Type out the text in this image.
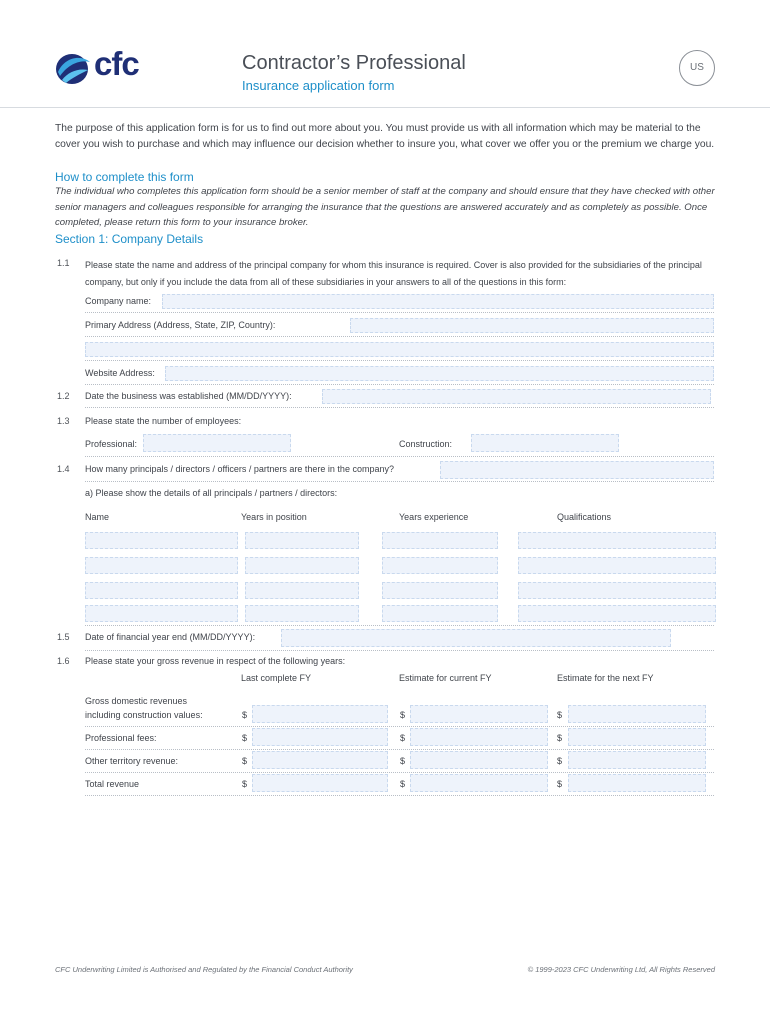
cfc	Contractor’s Professional
Insurance application form
US
The purpose of this application form is for us to find out more about you. You must provide us with all information which may be material to the cover you wish to purchase and which may influence our decision whether to insure you, what cover we offer you or the premium we charge you.
How to complete this form
The individual who completes this application form should be a senior member of staff at the company and should ensure that they have checked with other senior managers and colleagues responsible for arranging the insurance that the questions are answered accurately and as completely as possible. Once completed, please return this form to your insurance broker.
Section 1: Company Details
1.1 Please state the name and address of the principal company for whom this insurance is required. Cover is also provided for the subsidiaries of the principal company, but only if you include the data from all of these subsidiaries in your answers to all of the questions in this form:
Company name:
Primary Address (Address, State, ZIP, Country):
Website Address:
1.2 Date the business was established (MM/DD/YYYY):
1.3 Please state the number of employees:
Professional:	Construction:
1.4 How many principals / directors / officers / partners are there in the company?
a) Please show the details of all principals / partners / directors:
Name	Years in position	Years experience	Qualifications
1.5 Date of financial year end (MM/DD/YYYY):
1.6 Please state your gross revenue in respect of the following years:
Last complete FY	Estimate for current FY	Estimate for the next FY
Gross domestic revenues
including construction values:	$	$	$
Professional fees:	$	$	$
Other territory revenue:	$	$	$
Total revenue	$	$	$
CFC Underwriting Limited is Authorised and Regulated by the Financial Conduct Authority	© 1999-2023 CFC Underwriting Ltd, All Rights Reserved
